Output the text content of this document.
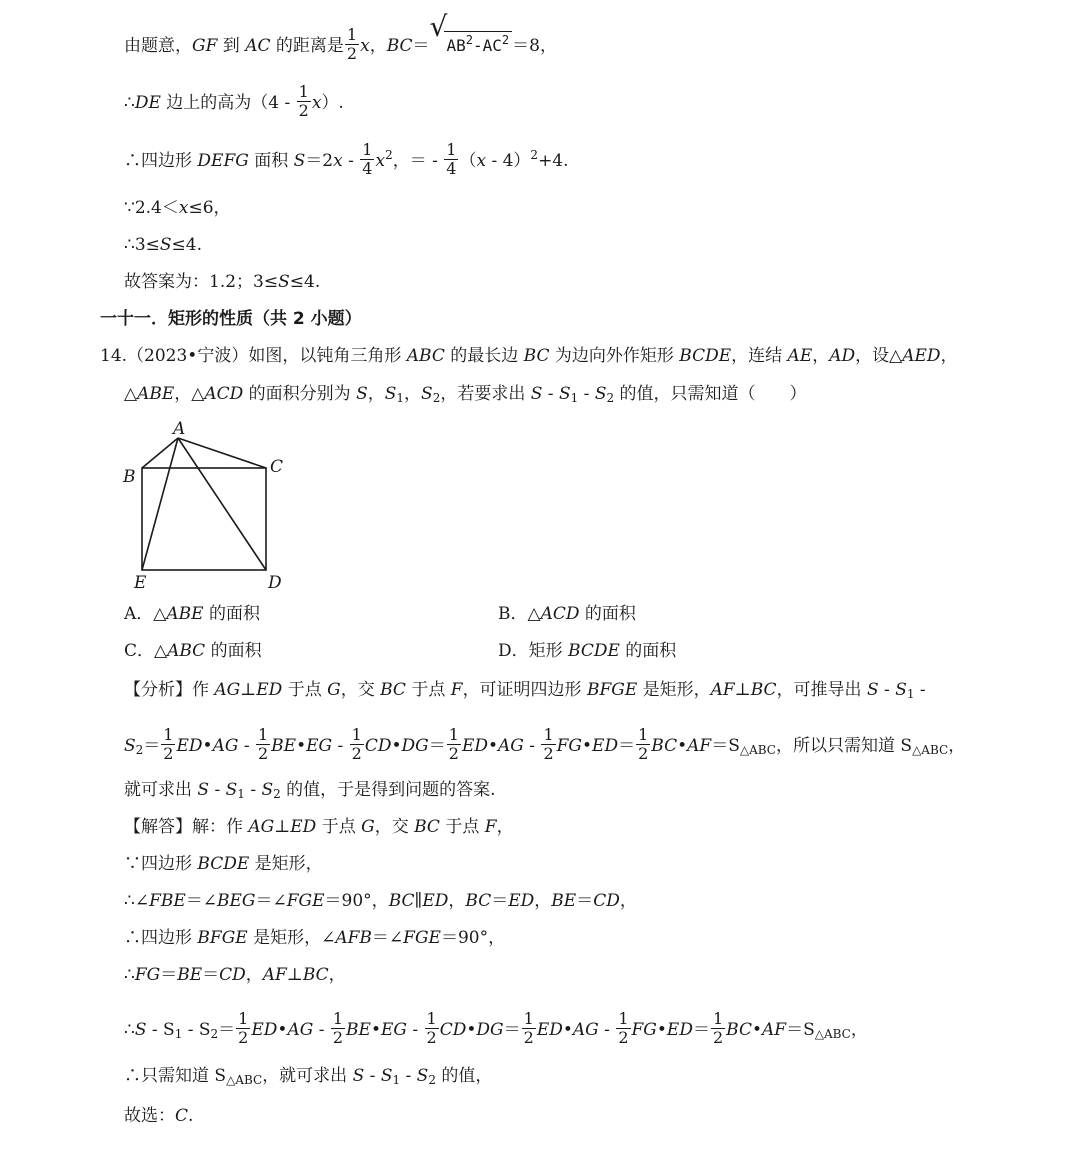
由题意，GF 到 AC 的距离是 $\frac{1}{2}$ x，BC＝
√
$AB^2-AC^2 =8$，
∴DE 边上的高为$(4 - \frac{1}{2} x)$.
∴四边形 DEFG 面积 $S=2x - \frac{1}{4} x^2$，＝ - $\frac{1}{4} (x - 4)^2+4$.
∵2.4＜x≤6，
∴3≤S≤4.
故答案为：1.2；3≤S≤4.
一十一．矩形的性质（共 2 小题）
14.（2023•宁波）如图，以钝角三角形 ABC 的最长边 BC 为边向外作矩形 BCDE，连结 AE，AD，设△AED，
△ABE，△ACD 的面积分别为 S，$S_1$，$S_2$，若要求出 S - $S_1 - S_2$ 的值，只需知道（　　）
A
B	C
E	D
A．△ABE 的面积	B．△ACD 的面积
C．△ABC 的面积	D．矩形 BCDE 的面积
【分析】作 AG⊥ED 于点 G，交 BC 于点 F，可证明四边形 BFGE 是矩形，AF⊥BC，可推导出 S - $S_1$ -
$S_2= \frac{1}{2}$ ED•AG - $\frac{1}{2}$ BE•EG - $\frac{1}{2}$ CD•DG＝ $\frac{1}{2}$ ED•AG - $\frac{1}{2}$ FG•ED＝ $\frac{1}{2}$ $BC•AF=S_{\triangle ABC}$，所以只需知道 $S_{\triangle ABC}$，
就可求出 S - $S_1 - S_2$ 的值，于是得到问题的答案.
【解答】解：作 AG⊥ED 于点 G，交 BC 于点 F，
∵四边形 BCDE 是矩形，
∴∠FBE＝∠BEG＝∠FGE＝90°，BC∥ED，BC＝ED，BE＝CD，
∴四边形 BFGE 是矩形，∠AFB＝∠FGE＝90°，
∴FG＝BE＝CD，AF⊥BC，
∴S - $S_1 - S_2= \frac{1}{2}$ ED•AG - $\frac{1}{2}$ BE•EG - $\frac{1}{2}$ CD•DG＝ $\frac{1}{2}$ ED•AG - $\frac{1}{2}$ FG•ED＝ $\frac{1}{2}$ $BC•AF=S_{\triangle ABC}$，
∴只需知道 $S_{\triangle ABC}$，就可求出 S - $S_1 - S_2$ 的值，
故选：C.
